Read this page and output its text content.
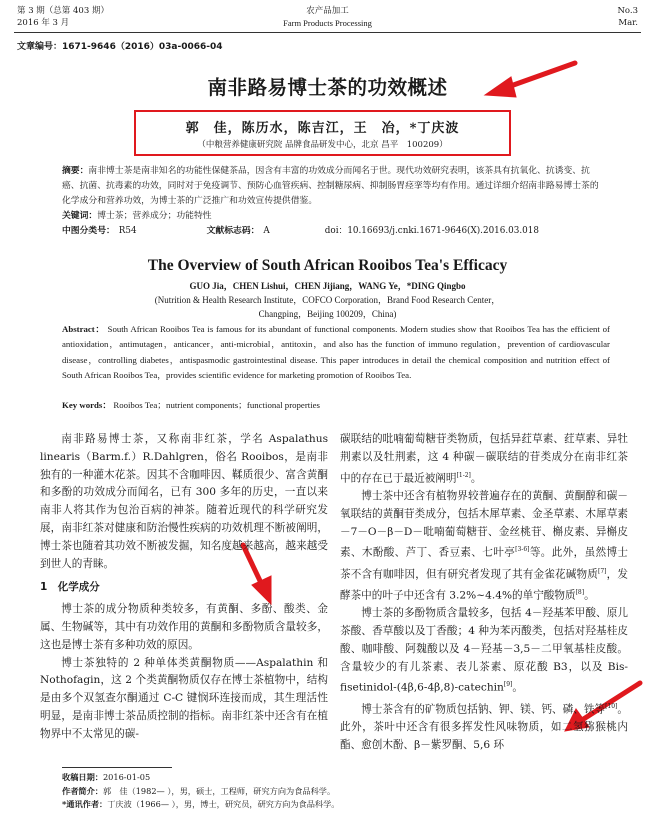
第 3 期（总第 403 期）
2016 年 3 月
农产品加工
Farm Products Processing
No.3
Mar.
文章编号：1671-9646（2016）03a-0066-04
南非路易博士茶的功效概述
郭　佳，陈历水，陈吉江，王　冶，*丁庆波
（中粮营养健康研究院 品牌食品研发中心，北京 昌平　100209）
摘要：南非博士茶是南非知名的功能性保健茶品，因含有丰富的功效成分而闻名于世。现代功效研究表明，该茶具有抗氧化、抗诱变、抗癌、抗菌、抗毒素的功效，同时对于免疫调节、预防心血管疾病、控制糖尿病、抑制肠胃痉挛等均有作用。通过详细介绍南非路易博士茶的化学成分和营养功效，为博士茶的广泛推广和功效宣传提供借鉴。
关键词：博士茶；营养成分；功能特性
中图分类号： R54	文献标志码： A	doi：10.16693/j.cnki.1671-9646(X).2016.03.018
The Overview of South African Rooibos Tea's Efficacy
GUO Jia，CHEN Lishui，CHEN Jijiang，WANG Ye，*DING Qingbo
(Nutrition & Health Research Institute，COFCO Corporation，Brand Food Research Center，
Changping，Beijing 100209，China)
Abstract： South African Rooibos Tea is famous for its abundant of functional components. Modern studies show that Rooibos Tea has the efficient of antioxidation，antimutagen，anticancer，anti-microbial，antitoxin，and also has the function of immuno regulation，prevention of cardiovascular disease，controlling diabetes，antispasmodic gastrointestinal disease. This paper introduces in detail the chemical composition and nutrition effect of South African Rooibos Tea，provides scientific evidence for marketing promotion of Rooibos Tea.
Key words： Rooibos Tea；nutrient components；functional properties

南非路易博士茶，又称南非红茶，学名 Aspalathus linearis（Barm.f.）R.Dahlgren，俗名 Rooibos，是南非独有的一种灌木花茶。因其不含咖啡因、鞣质很少、富含黄酮和多酚的功效成分而闻名，已有 300 多年的历史，一直以来南非人将其作为包治百病的神茶。随着近现代的科学研究发展，南非红茶对健康和防治慢性疾病的功效机理不断被阐明，博士茶也随着其功效不断被发掘，知名度越来越高，越来越受到世人的青睐。

1　化学成分

博士茶的成分物质种类较多，有黄酮、多酚、酸类、金属、生物碱等，其中有功效作用的黄酮和多酚物质含量较多，这也是博士茶有多种功效的原因。

博士茶独特的 2 种单体类黄酮物质——Aspalathin 和 Nothofagin，这 2 个类黄酮物质仅存在博士茶植物中，结构是由多个双氢查尔酮通过 C-C 键悯环连接而成，其生理活性明显，是南非博士茶品质控制的指标。南非红茶中还含有在植物界中不太常见的碳-

碳联结的吡喃葡萄糖苷类物质，包括异荭草素、荭草素、异牡荆素以及牡荆素，这 4 种碳－碳联结的苷类成分在南非红茶中的存在已于最近被阐明[1-2]。

博士茶中还含有植物界较普遍存在的黄酮、黄酮醇和碳－氧联结的黄酮苷类成分，包括木犀草素、金圣草素、木犀草素－7－O－β－D－吡喃葡萄糖苷、金丝桃苷、槲皮素、异槲皮素、木酚酸、芦丁、香豆素、七叶亭[3-6]等。此外，虽然博士茶不含有咖啡因，但有研究者发现了其有金雀花碱物质[7]，发酵茶中的叶子中还含有 3.2%~4.4%的单宁酸物质[8]。

博士茶的多酚物质含量较多，包括 4－羟基苯甲酸、原儿茶酸、香草酸以及丁香酸；4 种为苯丙酸类，包括对羟基桂皮酸、咖啡酸、阿魏酸以及 4－羟基－3,5－二甲氧基桂皮酸。含量较少的有儿茶素、表儿茶素、原花酸 B3，以及 Bis-fisetinidol-(4β,6-4β,8)-catechin[9]。

博士茶含有的矿物质包括钠、钾、镁、钙、磷、铁等[10]。此外，茶叶中还含有很多挥发性风味物质，如二氢猕猴桃内酯、愈创木酚、β－紫罗酮、5,6 环

收稿日期：2016-01-05
作者简介：郭　佳（1982— ），男，硕士，工程师，研究方向为食品科学。
*通讯作者：丁庆波（1966— ），男，博士，研究员，研究方向为食品科学。
